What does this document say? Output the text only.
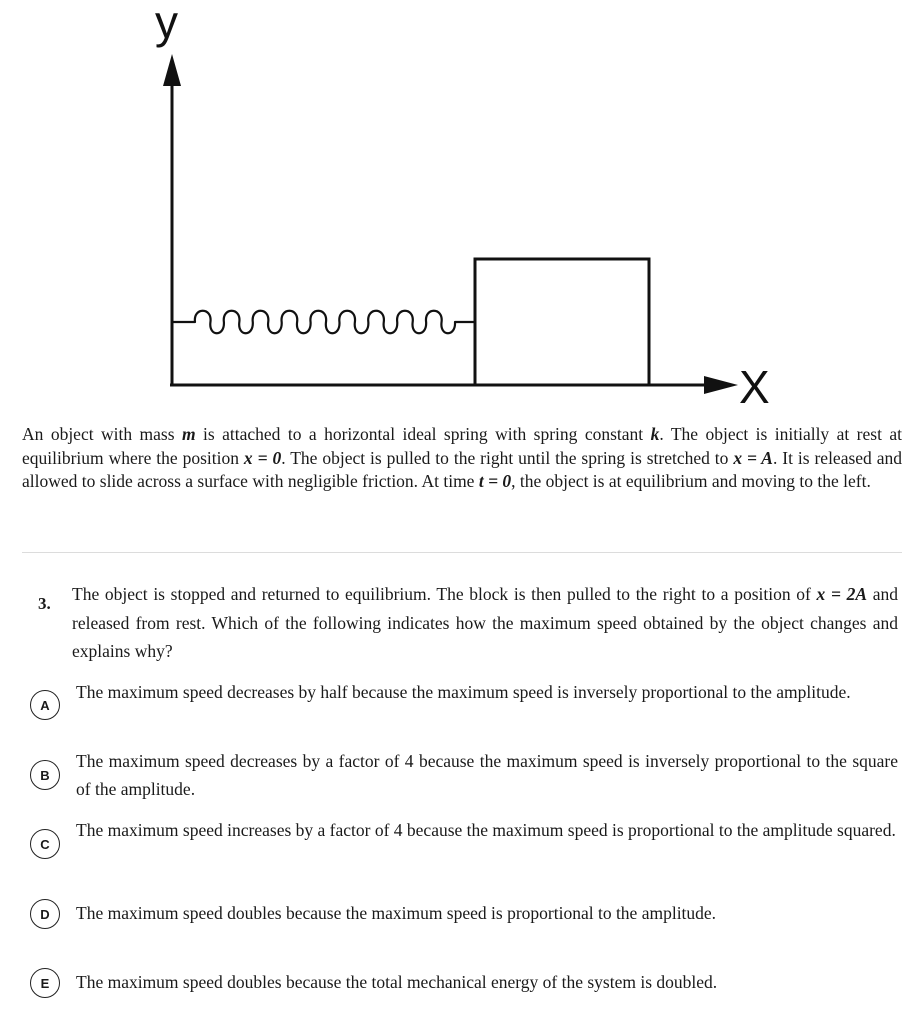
y
X
An object with mass m is attached to a horizontal ideal spring with spring constant k. The object is initially at rest at equilibrium where the position x = 0. The object is pulled to the right until the spring is stretched to x = A. It is released and allowed to slide across a surface with negligible friction. At time t = 0, the object is at equilibrium and moving to the left.
3. The object is stopped and returned to equilibrium. The block is then pulled to the right to a position of x = 2A and released from rest. Which of the following indicates how the maximum speed obtained by the object changes and explains why?
A
The maximum speed decreases by half because the maximum speed is inversely proportional to the amplitude.
B
The maximum speed decreases by a factor of 4 because the maximum speed is inversely proportional to the square of the amplitude.
C
The maximum speed increases by a factor of 4 because the maximum speed is proportional to the amplitude squared.
D	The maximum speed doubles because the maximum speed is proportional to the amplitude.
E	The maximum speed doubles because the total mechanical energy of the system is doubled.
